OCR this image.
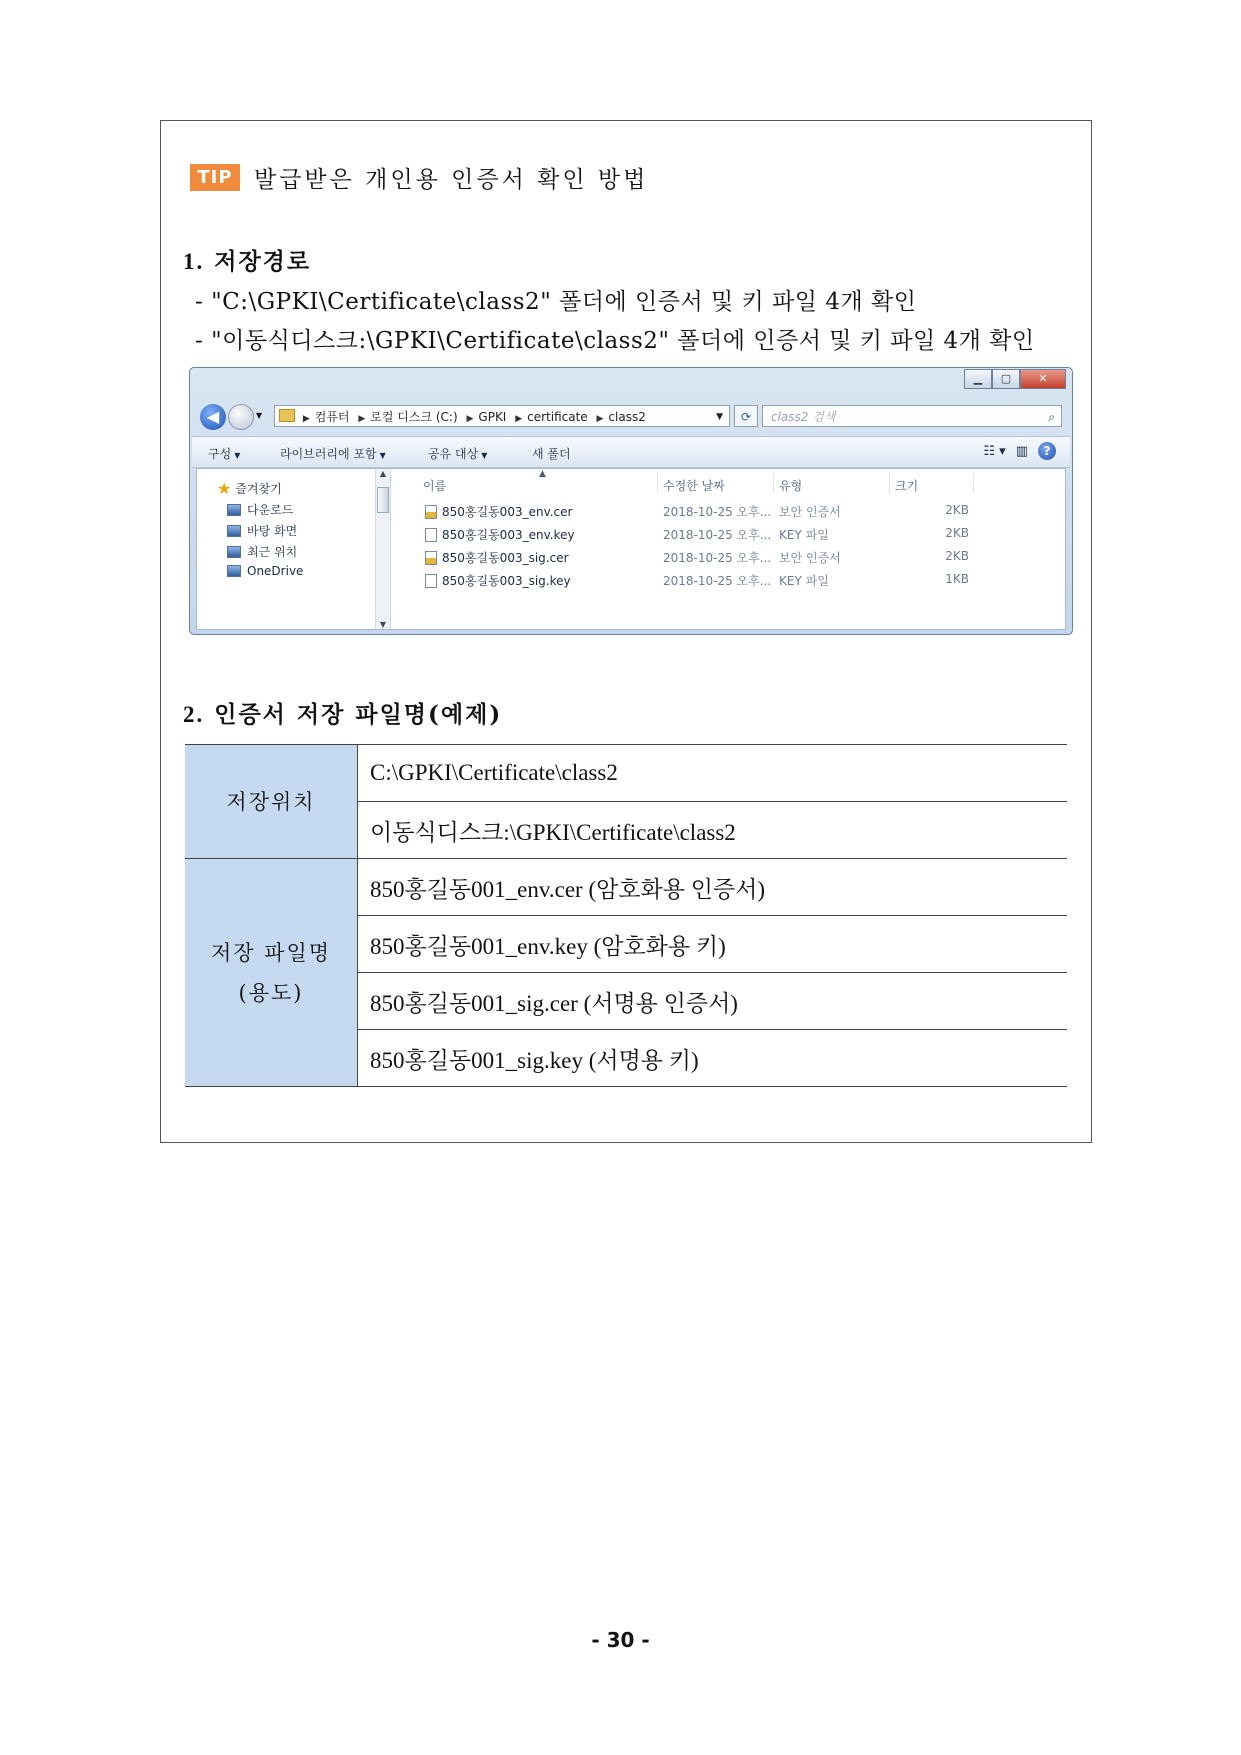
TIP 발급받은 개인용 인증서 확인 방법
1. 저장경로
- "C:\GPKI\Certificate\class2" 폴더에 인증서 및 키 파일 4개 확인
- "이동식디스크:\GPKI\Certificate\class2" 폴더에 인증서 및 키 파일 4개 확인
▁	▢	✕
◀	▼	▶ 컴퓨터 ▶ 로컬 디스크 (C:) ▶ GPKI ▶ certificate ▶ class2	▼	⟳	class2 검색	⌕
구성 ▼	라이브러리에 포함 ▼	공유 대상 ▼	새 폴더	☷ ▾ ▥	?
★ 즐겨찾기
다운로드
바탕 화면
최근 위치
OneDrive
▲
▼
이름
▲
수정한 날짜	유형	크기
850홍길동003_env.cer	2018-10-25 오후... 보안 인증서	2KB
850홍길동003_env.key	2018-10-25 오후... KEY 파일	2KB
850홍길동003_sig.cer	2018-10-25 오후... 보안 인증서	2KB
850홍길동003_sig.key	2018-10-25 오후... KEY 파일	1KB
2. 인증서 저장 파일명(예제)
저장위치	C:\GPKI\Certificate\class2
	이동식디스크:\GPKI\Certificate\class2

저장 파일명
(용도)	850홍길동001_env.cer (암호화용 인증서)
	850홍길동001_env.key (암호화용 키)
	850홍길동001_sig.cer (서명용 인증서)
	850홍길동001_sig.key (서명용 키)
- 30 -
